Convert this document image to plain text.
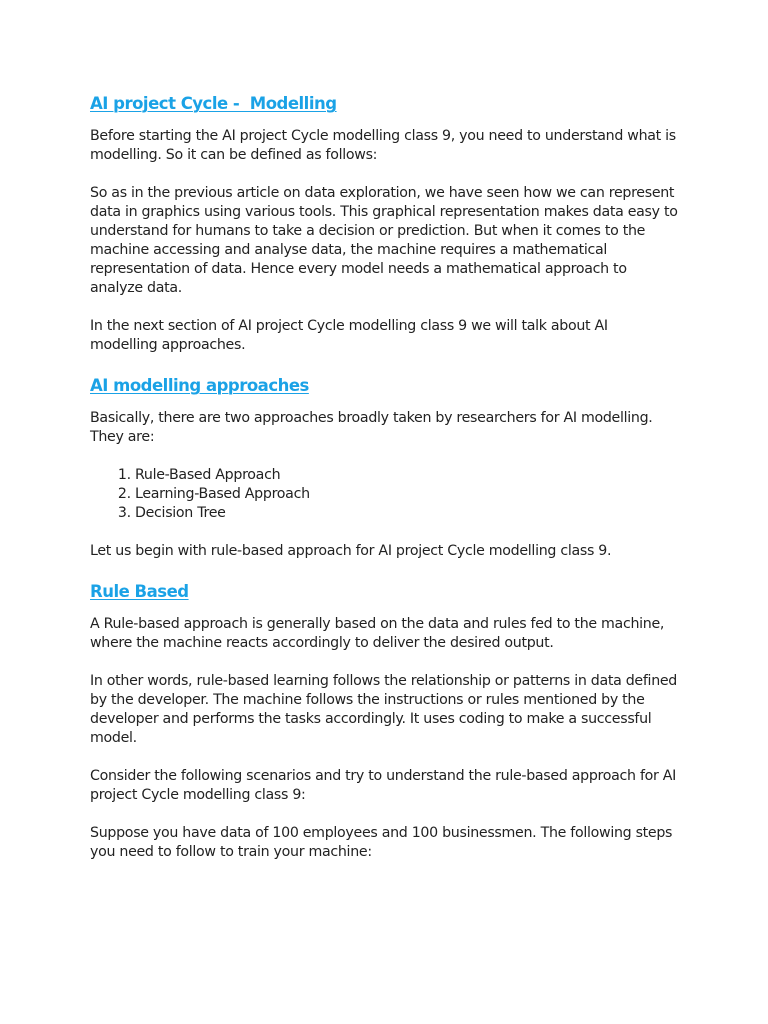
AI project Cycle -  Modelling

Before starting the AI project Cycle modelling class 9, you need to understand what is modelling. So it can be defined as follows:

So as in the previous article on data exploration, we have seen how we can represent data in graphics using various tools. This graphical representation makes data easy to understand for humans to take a decision or prediction. But when it comes to the machine accessing and analyse data, the machine requires a mathematical representation of data. Hence every model needs a mathematical approach to analyze data.

In the next section of AI project Cycle modelling class 9 we will talk about AI modelling approaches.

AI modelling approaches

Basically, there are two approaches broadly taken by researchers for AI modelling. They are:

1. Rule-Based Approach
2. Learning-Based Approach
3. Decision Tree

Let us begin with rule-based approach for AI project Cycle modelling class 9.

Rule Based

A Rule-based approach is generally based on the data and rules fed to the machine, where the machine reacts accordingly to deliver the desired output.

In other words, rule-based learning follows the relationship or patterns in data defined by the developer. The machine follows the instructions or rules mentioned by the developer and performs the tasks accordingly. It uses coding to make a successful model.

Consider the following scenarios and try to understand the rule-based approach for AI project Cycle modelling class 9:

Suppose you have data of 100 employees and 100 businessmen. The following steps you need to follow to train your machine:
